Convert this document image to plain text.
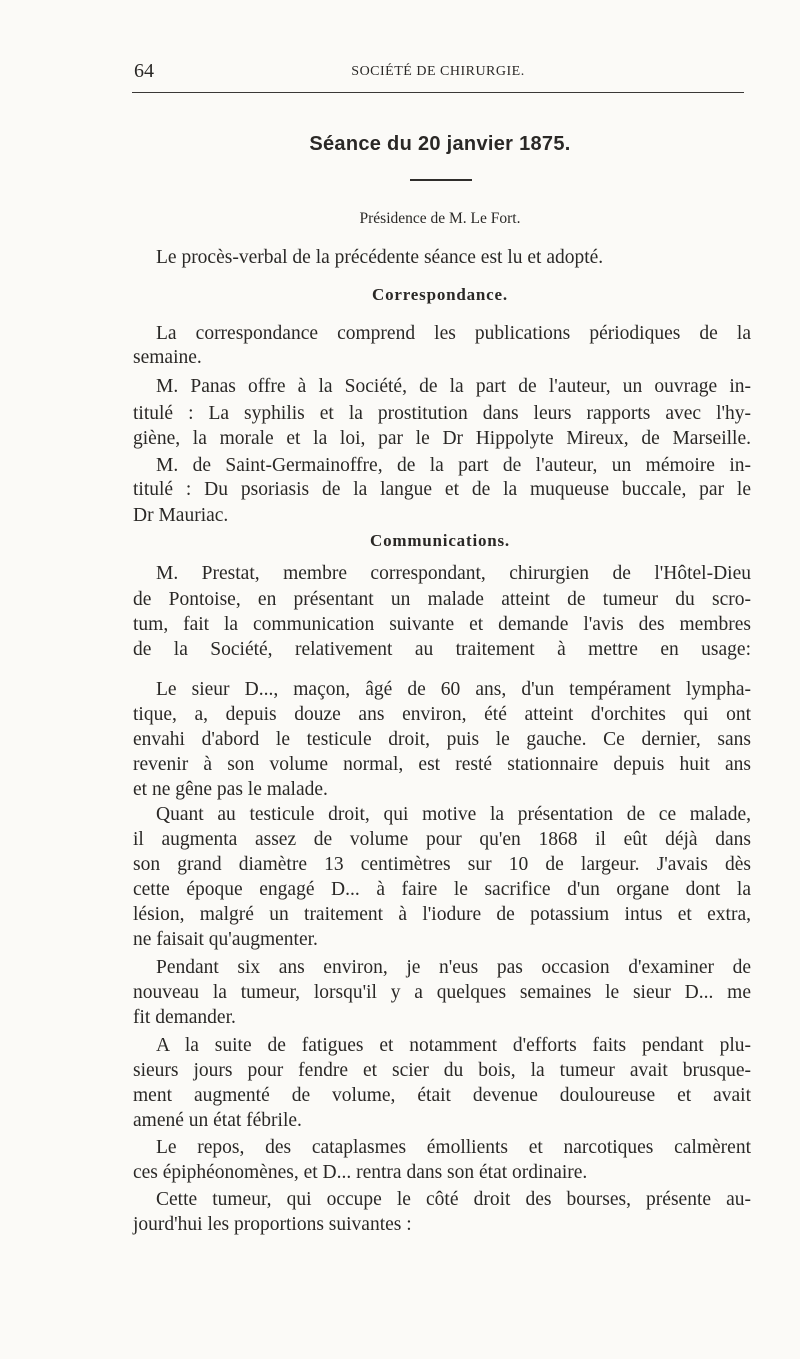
64	SOCIÉTÉ DE CHIRURGIE.
Séance du 20 janvier 1875.
Présidence de M. Le Fort.
Le procès-verbal de la précédente séance est lu et adopté.
Correspondance.
La correspondance comprend les publications périodiques de la
semaine.
M. Panas offre à la Société, de la part de l'auteur, un ouvrage in-
titulé : La syphilis et la prostitution dans leurs rapports avec l'hy-
giène, la morale et la loi, par le Dr Hippolyte Mireux, de Marseille.
M. de Saint-Germainoffre, de la part de l'auteur, un mémoire in-
titulé : Du psoriasis de la langue et de la muqueuse buccale, par le
Dr Mauriac.
Communications.
M. Prestat, membre correspondant, chirurgien de l'Hôtel-Dieu
de Pontoise, en présentant un malade atteint de tumeur du scro-
tum, fait la communication suivante et demande l'avis des membres
de la Société, relativement au traitement à mettre en usage:
Le sieur D..., maçon, âgé de 60 ans, d'un tempérament lympha-
tique, a, depuis douze ans environ, été atteint d'orchites qui ont
envahi d'abord le testicule droit, puis le gauche. Ce dernier, sans
revenir à son volume normal, est resté stationnaire depuis huit ans
et ne gêne pas le malade.
Quant au testicule droit, qui motive la présentation de ce malade,
il augmenta assez de volume pour qu'en 1868 il eût déjà dans
son grand diamètre 13 centimètres sur 10 de largeur. J'avais dès
cette époque engagé D... à faire le sacrifice d'un organe dont la
lésion, malgré un traitement à l'iodure de potassium intus et extra,
ne faisait qu'augmenter.
Pendant six ans environ, je n'eus pas occasion d'examiner de
nouveau la tumeur, lorsqu'il y a quelques semaines le sieur D... me
fit demander.
A la suite de fatigues et notamment d'efforts faits pendant plu-
sieurs jours pour fendre et scier du bois, la tumeur avait brusque-
ment augmenté de volume, était devenue douloureuse et avait
amené un état fébrile.
Le repos, des cataplasmes émollients et narcotiques calmèrent
ces épiphéonomènes, et D... rentra dans son état ordinaire.
Cette tumeur, qui occupe le côté droit des bourses, présente au-
jourd'hui les proportions suivantes :
